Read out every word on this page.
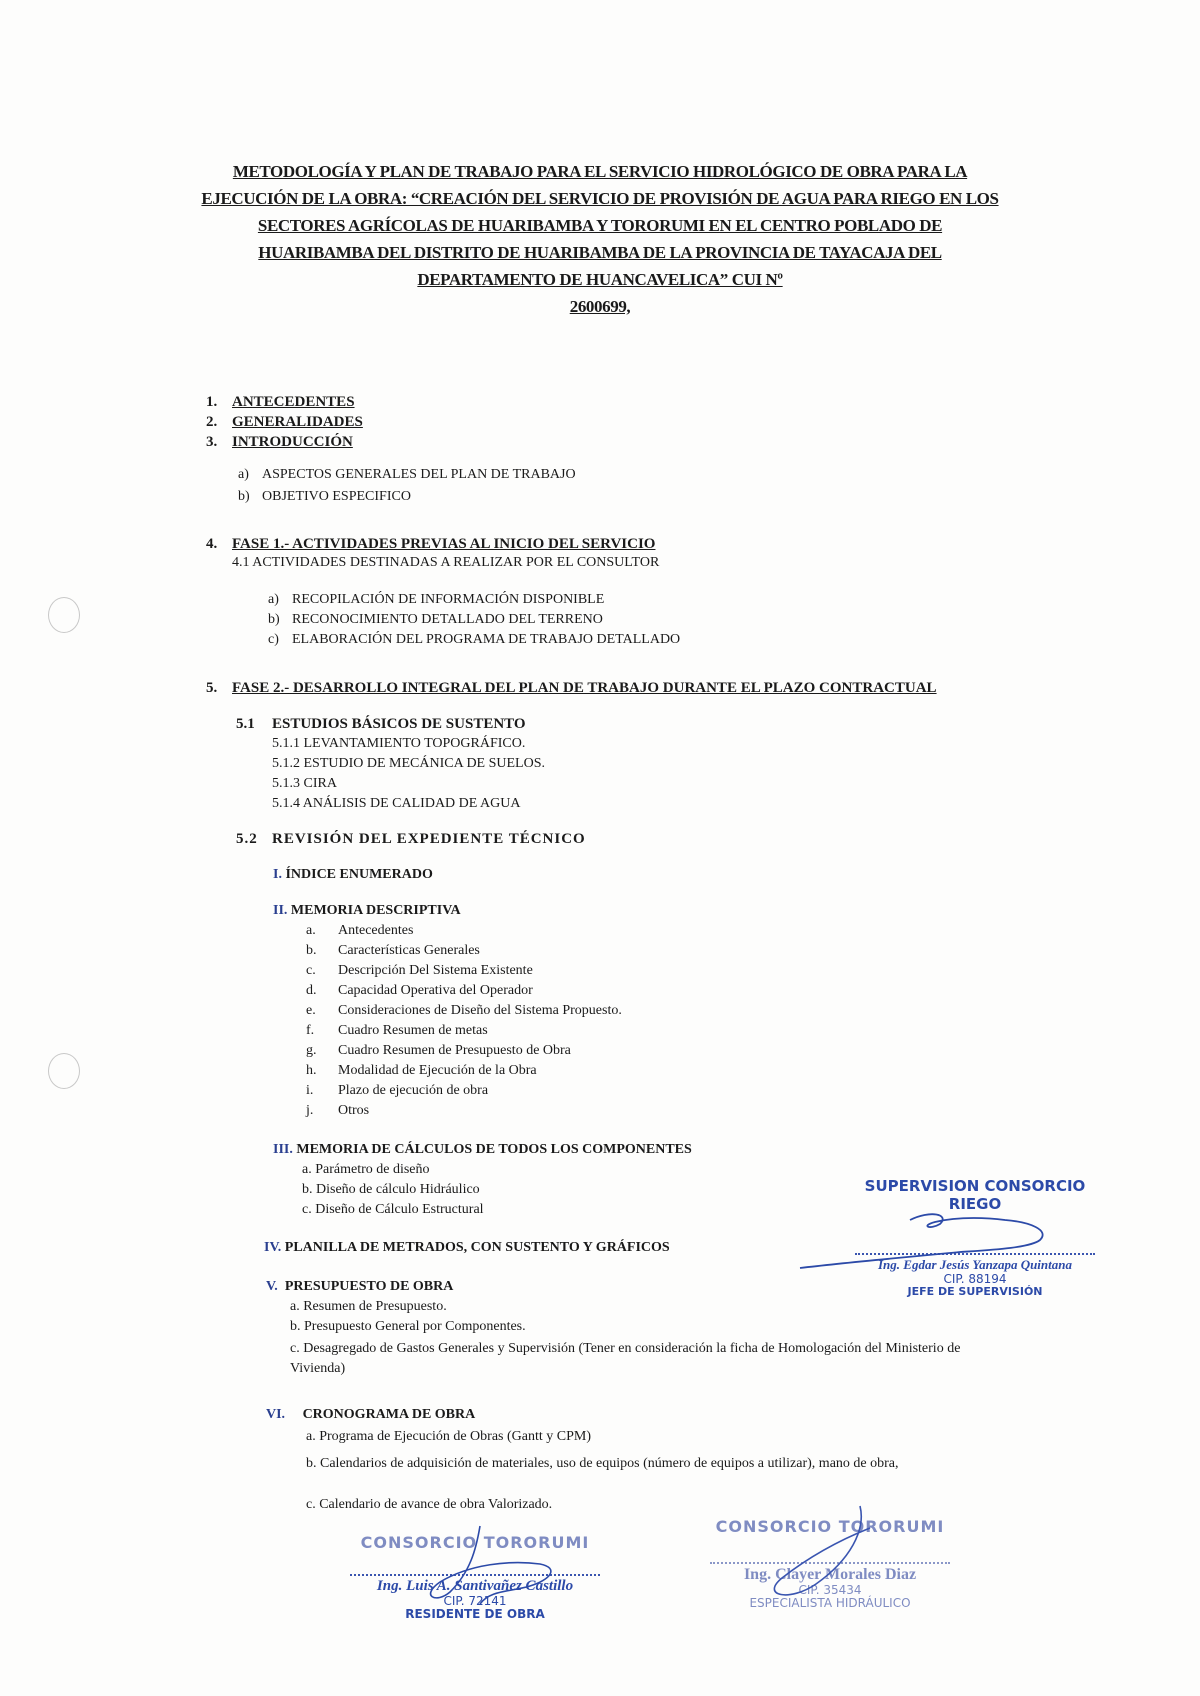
METODOLOGÍA Y PLAN DE TRABAJO PARA EL SERVICIO HIDROLÓGICO DE OBRA PARA LA EJECUCIÓN DE LA OBRA: “CREACIÓN DEL SERVICIO DE PROVISIÓN DE AGUA PARA RIEGO EN LOS SECTORES AGRÍCOLAS DE HUARIBAMBA Y TORORUMI EN EL CENTRO POBLADO DE HUARIBAMBA DEL DISTRITO DE HUARIBAMBA DE LA PROVINCIA DE TAYACAJA DEL DEPARTAMENTO DE HUANCAVELICA” CUI Nº
2600699,
1. ANTECEDENTES
2. GENERALIDADES
3. INTRODUCCIÓN
a) ASPECTOS GENERALES DEL PLAN DE TRABAJO
b) OBJETIVO ESPECIFICO
4. FASE 1.- ACTIVIDADES PREVIAS AL INICIO DEL SERVICIO
4.1 ACTIVIDADES DESTINADAS A REALIZAR POR EL CONSULTOR
a) RECOPILACIÓN DE INFORMACIÓN DISPONIBLE
b) RECONOCIMIENTO DETALLADO DEL TERRENO
c) ELABORACIÓN DEL PROGRAMA DE TRABAJO DETALLADO
5. FASE 2.- DESARROLLO INTEGRAL DEL PLAN DE TRABAJO DURANTE EL PLAZO CONTRACTUAL
5.1 ESTUDIOS BÁSICOS DE SUSTENTO
5.1.1 LEVANTAMIENTO TOPOGRÁFICO.
5.1.2 ESTUDIO DE MECÁNICA DE SUELOS.
5.1.3 CIRA
5.1.4 ANÁLISIS DE CALIDAD DE AGUA
5.2 REVISIÓN DEL EXPEDIENTE TÉCNICO
I. ÍNDICE ENUMERADO
II. MEMORIA DESCRIPTIVA
a. Antecedentes
b. Características Generales
c. Descripción Del Sistema Existente
d. Capacidad Operativa del Operador
e. Consideraciones de Diseño del Sistema Propuesto.
f. Cuadro Resumen de metas
g. Cuadro Resumen de Presupuesto de Obra
h. Modalidad de Ejecución de la Obra
i. Plazo de ejecución de obra
j. Otros
III. MEMORIA DE CÁLCULOS DE TODOS LOS COMPONENTES
a. Parámetro de diseño
b. Diseño de cálculo Hidráulico
c. Diseño de Cálculo Estructural
IV. PLANILLA DE METRADOS, CON SUSTENTO Y GRÁFICOS
V. PRESUPUESTO DE OBRA
a. Resumen de Presupuesto.
b. Presupuesto General por Componentes.
c. Desagregado de Gastos Generales y Supervisión (Tener en consideración la ficha de Homologación del Ministerio de Vivienda)
VI. CRONOGRAMA DE OBRA
a. Programa de Ejecución de Obras (Gantt y CPM)
b. Calendarios de adquisición de materiales, uso de equipos (número de equipos a utilizar), mano de obra,
c. Calendario de avance de obra Valorizado.
SUPERVISION CONSORCIO RIEGO
Ing. Egdar Jesús Yanzapa Quintana
CIP. 88194
JEFE DE SUPERVISIÓN
CONSORCIO TORORUMI
Ing. Luis A. Santivañez Castillo
CIP. 72141
RESIDENTE DE OBRA
CONSORCIO TORORUMI
Ing. Clayer Morales Diaz
CIP. 35434
ESPECIALISTA HIDRÁULICO
